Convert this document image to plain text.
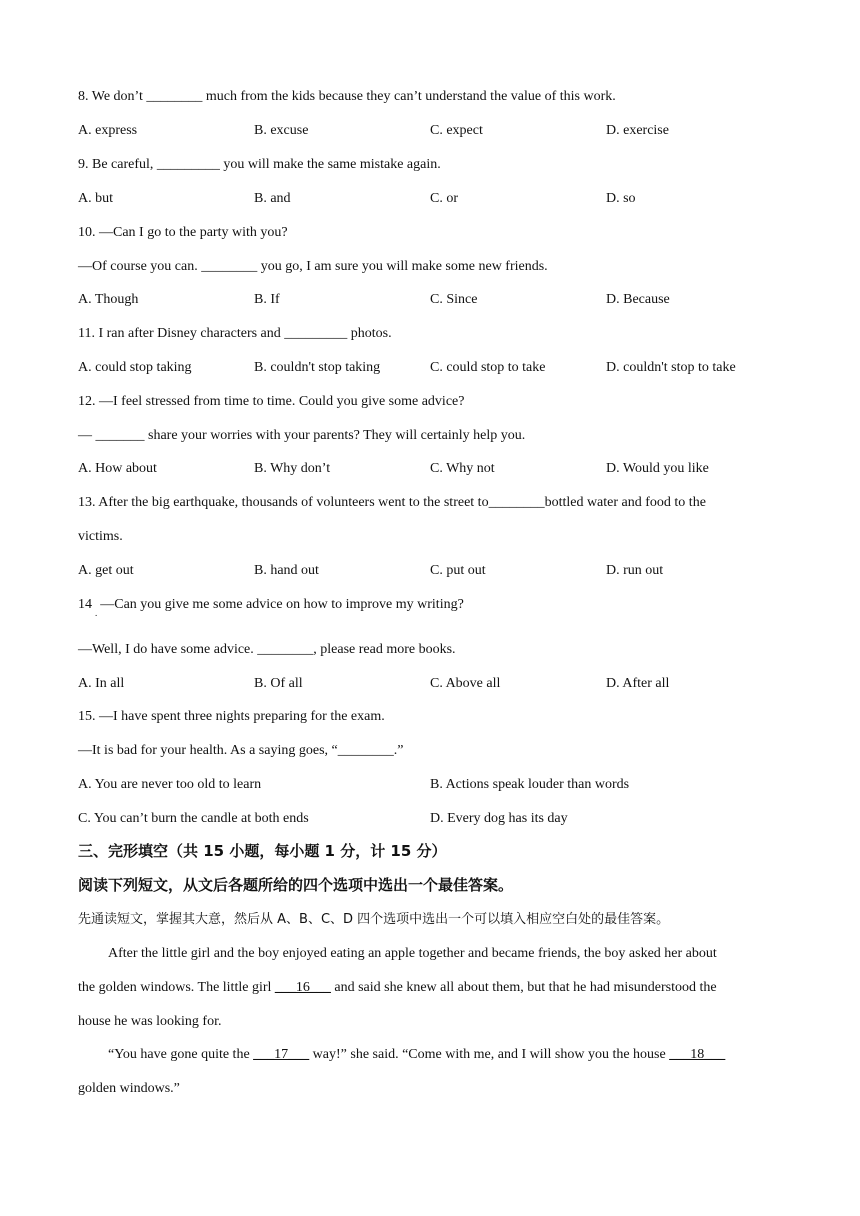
8. We don’t ________ much from the kids because they can’t understand the value of this work.
A. express	B. excuse	C. expect	D. exercise
9. Be careful, _________ you will make the same mistake again.
A. but	B. and	C. or	D. so
10. —Can I go to the party with you?
—Of course you can. ________ you go, I am sure you will make some new friends.
A. Though	B. If	C. Since	D. Because
11. I ran after Disney characters and _________ photos.
A. could stop taking	B. couldn't stop taking	C. could stop to take	D. couldn't stop to take
12. —I feel stressed from time to time. Could you give some advice?
— _______ share your worries with your parents? They will certainly help you.
A. How about	B. Why don’t	C. Why not	D. Would you like
13. After the big earthquake, thousands of volunteers went to the street to________bottled water and food to the
victims.
A. get out	B. hand out	C. put out	D. run out
$14_.—Can$ you give me some advice on how to improve my writing?
—Well, I do have some advice. ________, please read more books.
A. In all	B. Of all	C. Above all	D. After all
15. —I have spent three nights preparing for the exam.
—It is bad for your health. As a saying goes, “________.”
A. You are never too old to learn	B. Actions speak louder than words
C. You can’t burn the candle at both ends	D. Every dog has its day
三、完形填空（共 15 小题，每小题 1 分，计 15 分）
阅读下列短文，从文后各题所给的四个选项中选出一个最佳答案。
先通读短文，掌握其大意，然后从 A、B、C、D 四个选项中选出一个可以填入相应空白处的最佳答案。
After the little girl and the boy enjoyed eating an apple together and became friends, the boy asked her about
the golden windows. The little girl ___16___ and said she knew all about them, but that he had misunderstood the
house he was looking for.
“You have gone quite the ___17___ way!” she said. “Come with me, and I will show you the house ___18___
golden windows.”
